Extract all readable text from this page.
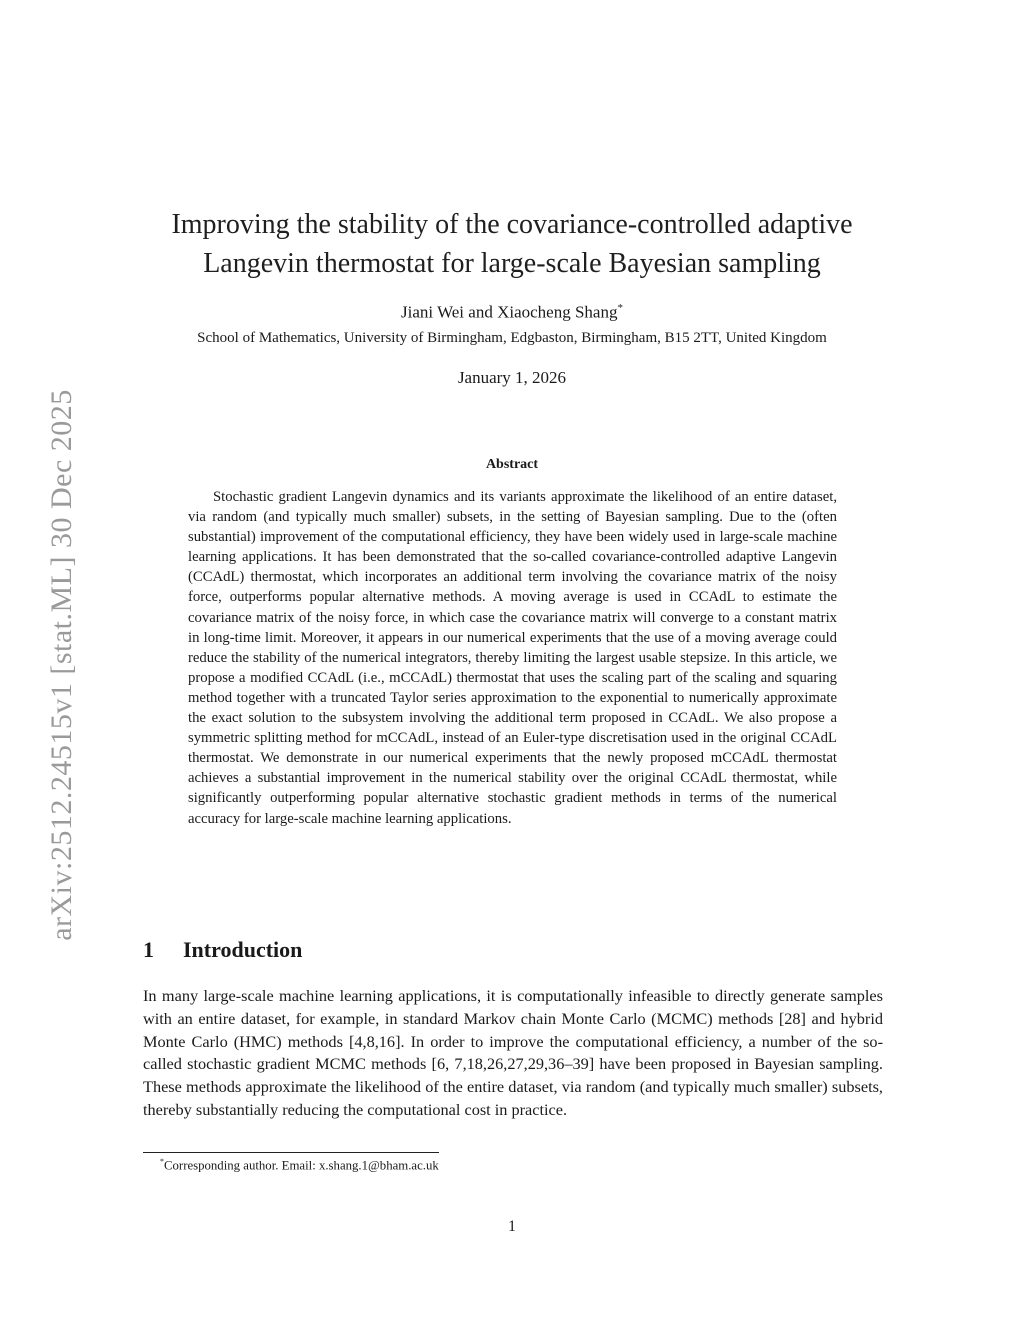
arXiv:2512.24515v1 [stat.ML] 30 Dec 2025
Improving the stability of the covariance-controlled adaptive
Langevin thermostat for large-scale Bayesian sampling
Jiani Wei and Xiaocheng Shang*
School of Mathematics, University of Birmingham, Edgbaston, Birmingham, B15 2TT, United Kingdom
January 1, 2026
Abstract

Stochastic gradient Langevin dynamics and its variants approximate the likelihood of an entire dataset, via random (and typically much smaller) subsets, in the setting of Bayesian sampling. Due to the (often substantial) improvement of the computational efficiency, they have been widely used in large-scale machine learning applications. It has been demonstrated that the so-called covariance-controlled adaptive Langevin (CCAdL) thermostat, which incorporates an additional term involving the covariance matrix of the noisy force, outperforms popular alternative methods. A moving average is used in CCAdL to estimate the covariance matrix of the noisy force, in which case the covariance matrix will converge to a constant matrix in long-time limit. Moreover, it appears in our numerical experiments that the use of a moving average could reduce the stability of the numerical integrators, thereby limiting the largest usable stepsize. In this article, we propose a modified CCAdL (i.e., mCCAdL) thermostat that uses the scaling part of the scaling and squaring method together with a truncated Taylor series approximation to the exponential to numerically approximate the exact solution to the subsystem involving the additional term proposed in CCAdL. We also propose a symmetric splitting method for mCCAdL, instead of an Euler-type discretisation used in the original CCAdL thermostat. We demonstrate in our numerical experiments that the newly proposed mCCAdL thermostat achieves a substantial improvement in the numerical stability over the original CCAdL thermostat, while significantly outperforming popular alternative stochastic gradient methods in terms of the numerical accuracy for large-scale machine learning applications.

1 Introduction

In many large-scale machine learning applications, it is computationally infeasible to directly generate samples with an entire dataset, for example, in standard Markov chain Monte Carlo (MCMC) methods [28] and hybrid Monte Carlo (HMC) methods [4,8,16]. In order to improve the computational efficiency, a number of the so-called stochastic gradient MCMC methods [6, 7,18,26,27,29,36–39] have been proposed in Bayesian sampling. These methods approximate the likelihood of the entire dataset, via random (and typically much smaller) subsets, thereby substantially reducing the computational cost in practice.

*Corresponding author. Email: x.shang.1@bham.ac.uk
1
